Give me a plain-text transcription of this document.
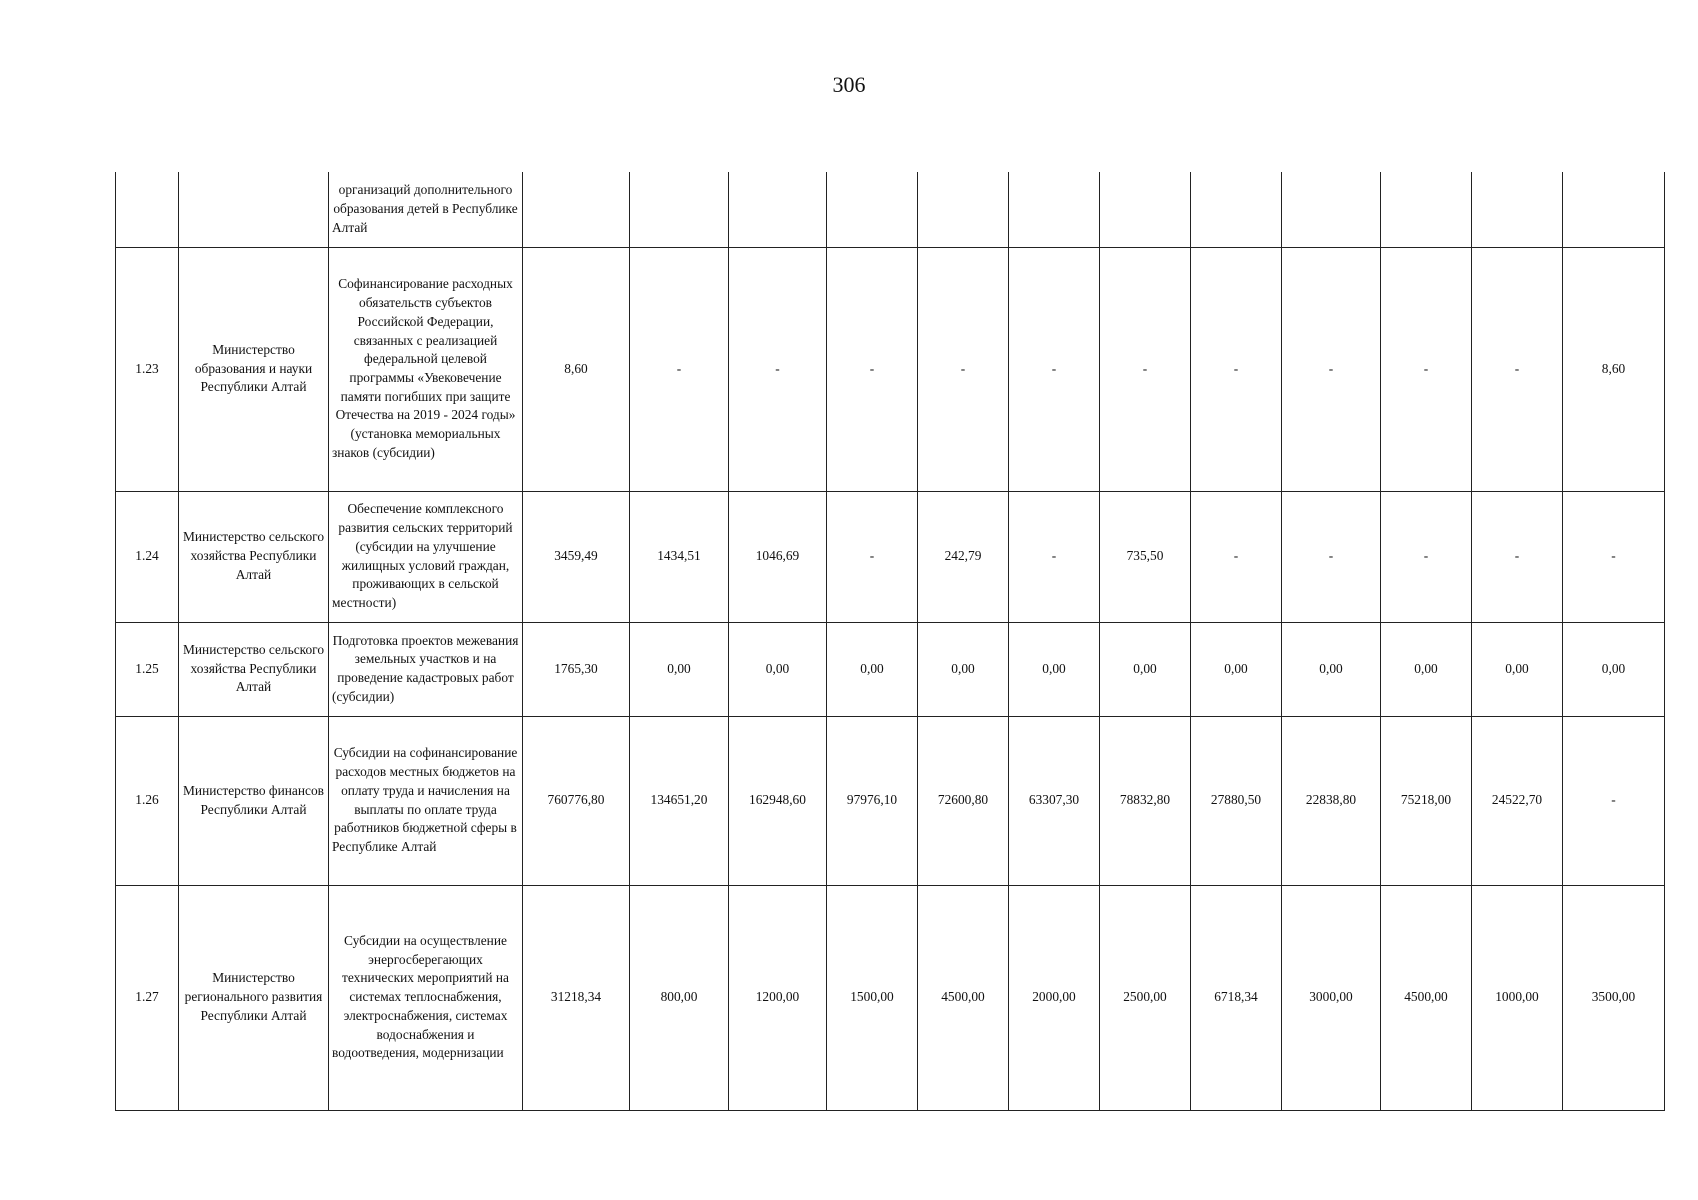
306
		организаций дополнительного образования детей в Республике Алтай												
1.23	Министерство образования и науки Республики Алтай	Софинансирование расходных обязательств субъектов Российской Федерации, связанных с реализацией федеральной целевой программы «Увековечение памяти погибших при защите Отечества на 2019 - 2024 годы» (установка мемориальных знаков (субсидии)	8,60	-	-	-	-	-	-	-	-	-	-	8,60
1.24	Министерство сельского хозяйства Республики Алтай	Обеспечение комплексного развития сельских территорий (субсидии на улучшение жилищных условий граждан, проживающих в сельской местности)	3459,49	1434,51	1046,69	-	242,79	-	735,50	-	-	-	-	-
1.25	Министерство сельского хозяйства Республики Алтай	Подготовка проектов межевания земельных участков и на проведение кадастровых работ (субсидии)	1765,30	0,00	0,00	0,00	0,00	0,00	0,00	0,00	0,00	0,00	0,00	0,00
1.26	Министерство финансов Республики Алтай	Субсидии на софинансирование расходов местных бюджетов на оплату труда и начисления на выплаты по оплате труда работников бюджетной сферы в Республике Алтай	760776,80	134651,20	162948,60	97976,10	72600,80	63307,30	78832,80	27880,50	22838,80	75218,00	24522,70	-
1.27	Министерство регионального развития Республики Алтай	Субсидии на осуществление энергосберегающих технических мероприятий на системах теплоснабжения, электроснабжения, системах водоснабжения и водоотведения, модернизации	31218,34	800,00	1200,00	1500,00	4500,00	2000,00	2500,00	6718,34	3000,00	4500,00	1000,00	3500,00
